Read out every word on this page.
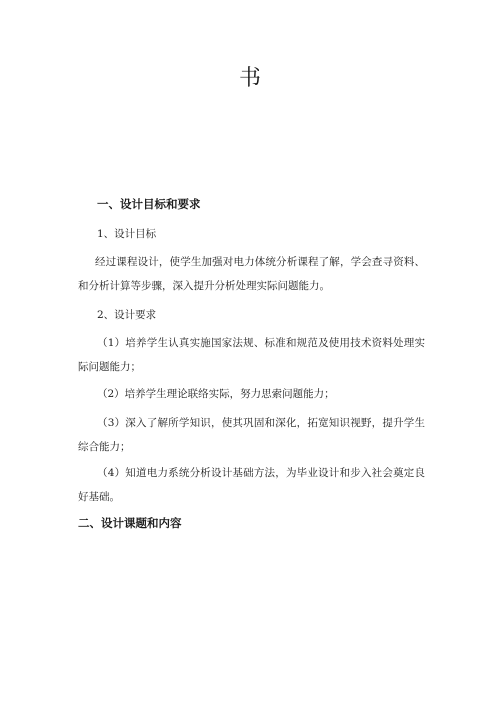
书
一、设计目标和要求
1、设计目标
经过课程设计，使学生加强对电力体统分析课程了解，学会查寻资料、和分析计算等步骤，深入提升分析处理实际问题能力。
2、设计要求
（1）培养学生认真实施国家法规、标准和规范及使用技术资料处理实际问题能力；
（2）培养学生理论联络实际，努力思索问题能力；
（3）深入了解所学知识，使其巩固和深化，拓宽知识视野，提升学生综合能力；
（4）知道电力系统分析设计基础方法，为毕业设计和步入社会奠定良好基础。
二、设计课题和内容
